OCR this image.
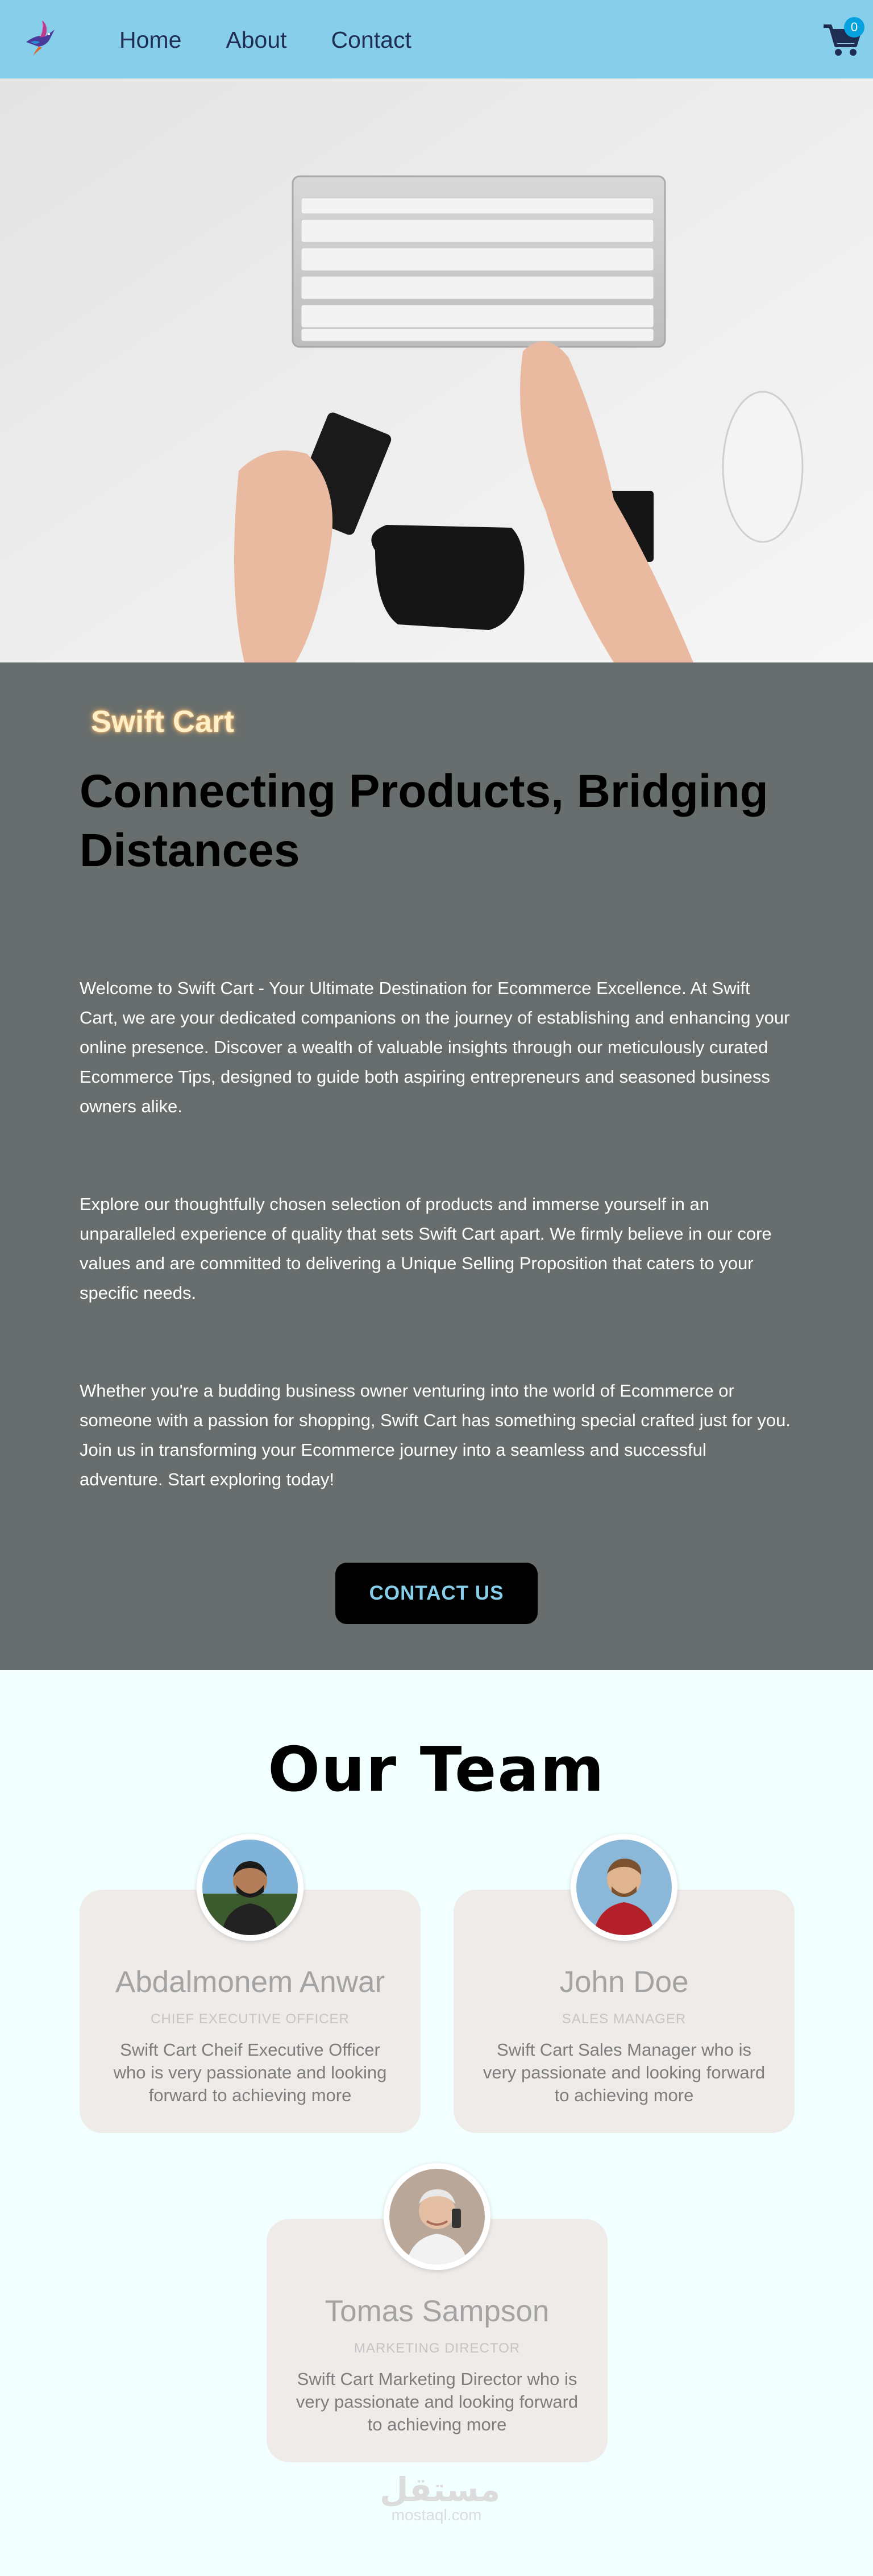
Home About Contact	0
Swift Cart
Connecting Products, Bridging Distances

Welcome to Swift Cart - Your Ultimate Destination for Ecommerce Excellence. At Swift Cart, we are your dedicated companions on the journey of establishing and enhancing your online presence. Discover a wealth of valuable insights through our meticulously curated Ecommerce Tips, designed to guide both aspiring entrepreneurs and seasoned business owners alike.

Explore our thoughtfully chosen selection of products and immerse yourself in an unparalleled experience of quality that sets Swift Cart apart. We firmly believe in our core values and are committed to delivering a Unique Selling Proposition that caters to your specific needs.

Whether you're a budding business owner venturing into the world of Ecommerce or someone with a passion for shopping, Swift Cart has something special crafted just for you. Join us in transforming your Ecommerce journey into a seamless and successful adventure. Start exploring today!

CONTACT US
Our Team
Abdalmonem Anwar
CHIEF EXECUTIVE OFFICER
Swift Cart Cheif Executive Officer who is very passionate and looking forward to achieving more
John Doe
SALES MANAGER
Swift Cart Sales Manager who is very passionate and looking forward to achieving more
Tomas Sampson
MARKETING DIRECTOR
Swift Cart Marketing Director who is very passionate and looking forward to achieving more
مستقل
mostaql.com
